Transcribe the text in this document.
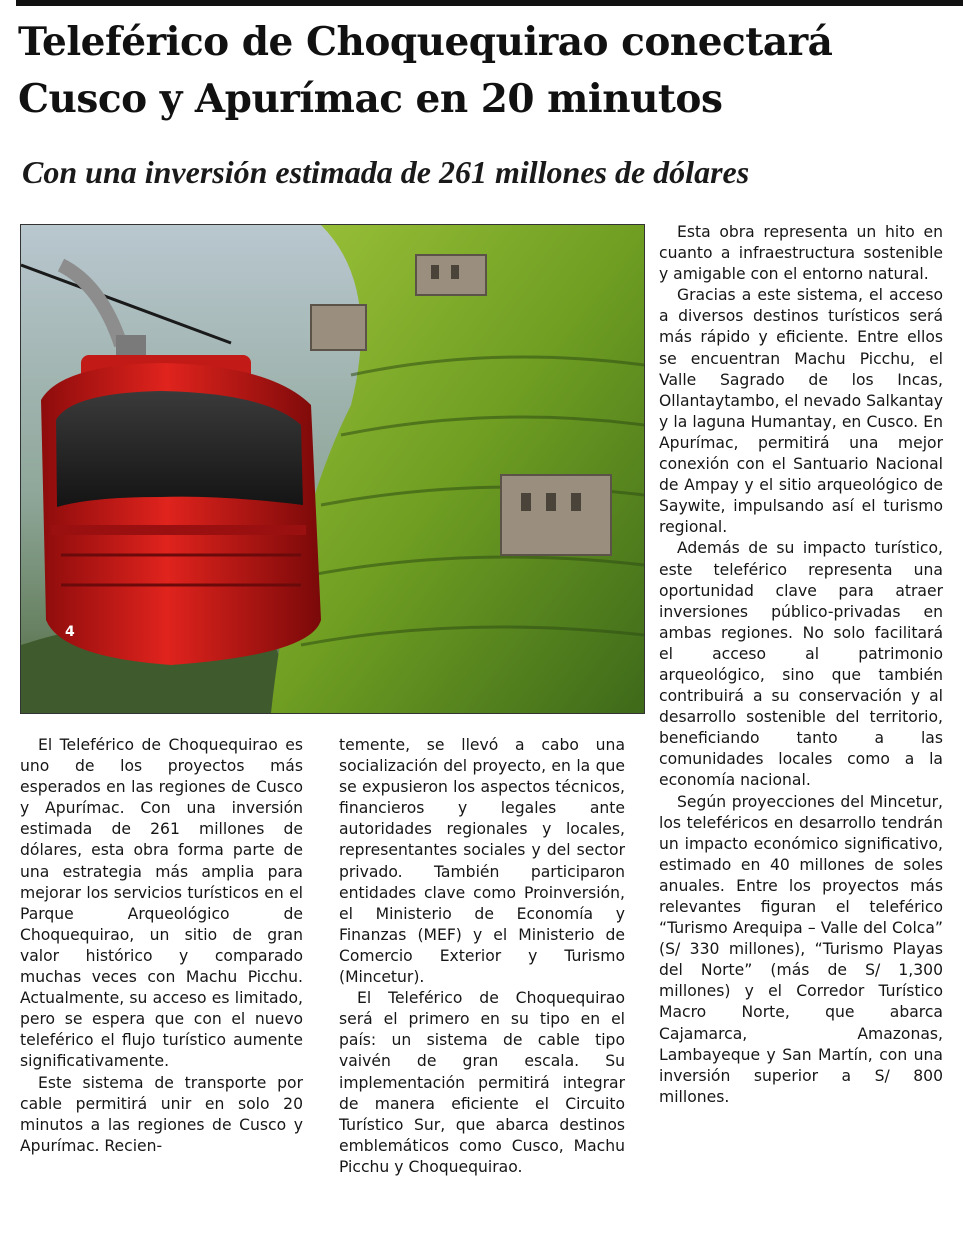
Teleférico de Choquequirao conectará Cusco y Apurímac en 20 minutos
Con una inversión estimada de 261 millones de dólares
4

El Teleférico de Choquequirao es uno de los proyectos más esperados en las regiones de Cusco y Apurímac. Con una inversión estimada de 261 millones de dólares, esta obra forma parte de una estrategia más amplia para mejorar los servicios turísticos en el Parque Arqueológico de Choquequirao, un sitio de gran valor histórico y comparado muchas veces con Machu Picchu. Actualmente, su acceso es limitado, pero se espera que con el nuevo teleférico el flujo turístico aumente significativamente.

Este sistema de transporte por cable permitirá unir en solo 20 minutos a las regiones de Cusco y Apurímac. Recien-

temente, se llevó a cabo una socialización del proyecto, en la que se expusieron los aspectos técnicos, financieros y legales ante autoridades regionales y locales, representantes sociales y del sector privado. También participaron entidades clave como Proinversión, el Ministerio de Economía y Finanzas (MEF) y el Ministerio de Comercio Exterior y Turismo (Mincetur).

El Teleférico de Choquequirao será el primero en su tipo en el país: un sistema de cable tipo vaivén de gran escala. Su implementación permitirá integrar de manera eficiente el Circuito Turístico Sur, que abarca destinos emblemáticos como Cusco, Machu Picchu y Choquequirao.

Esta obra representa un hito en cuanto a infraestructura sostenible y amigable con el entorno natural.

Gracias a este sistema, el acceso a diversos destinos turísticos será más rápido y eficiente. Entre ellos se encuentran Machu Picchu, el Valle Sagrado de los Incas, Ollantaytambo, el nevado Salkantay y la laguna Humantay, en Cusco. En Apurímac, permitirá una mejor conexión con el Santuario Nacional de Ampay y el sitio arqueológico de Saywite, impulsando así el turismo regional.

Además de su impacto turístico, este teleférico representa una oportunidad clave para atraer inversiones público-privadas en ambas regiones. No solo facilitará el acceso al patrimonio arqueológico, sino que también contribuirá a su conservación y al desarrollo sostenible del territorio, beneficiando tanto a las comunidades locales como a la economía nacional.

Según proyecciones del Mincetur, los teleféricos en desarrollo tendrán un impacto económico significativo, estimado en 40 millones de soles anuales. Entre los proyectos más relevantes figuran el teleférico “Turismo Arequipa – Valle del Colca” (S/ 330 millones), “Turismo Playas del Norte” (más de S/ 1,300 millones) y el Corredor Turístico Macro Norte, que abarca Cajamarca, Amazonas, Lambayeque y San Martín, con una inversión superior a S/ 800 millones.
